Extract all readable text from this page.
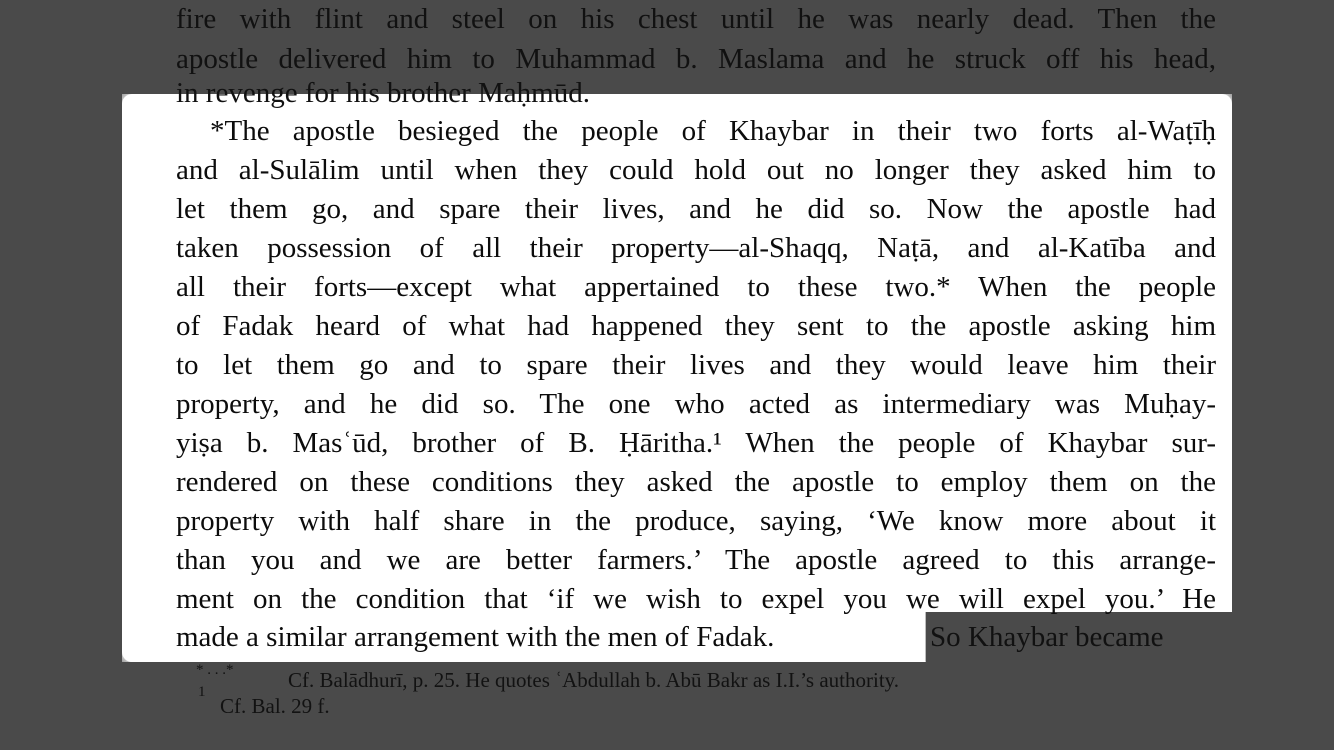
fire with flint and steel on his chest until he was nearly dead. Then the
apostle delivered him to Muhammad b. Maslama and he struck off his head,
in revenge for his brother Maḥmūd.
*The apostle besieged the people of Khaybar in their two forts al-Waṭīḥ
and al-Sulālim until when they could hold out no longer they asked him to
let them go, and spare their lives, and he did so. Now the apostle had
taken possession of all their property—al-Shaqq, Naṭā, and al-Katība and
all their forts—except what appertained to these two.* When the people
of Fadak heard of what had happened they sent to the apostle asking him
to let them go and to spare their lives and they would leave him their
property, and he did so. The one who acted as intermediary was Muḥay-
yiṣa b. Masʿūd, brother of B. Ḥāritha.¹ When the people of Khaybar sur-
rendered on these conditions they asked the apostle to employ them on the
property with half share in the produce, saying, ‘We know more about it
than you and we are better farmers.’ The apostle agreed to this arrange-
ment on the condition that ‘if we wish to expel you we will expel you.’ He
made a similar arrangement with the men of Fadak.	So Khaybar became
* . . .*	Cf. Balādhurī, p. 25. He quotes ʿAbdullah b. Abū Bakr as I.I.’s authority.
1
Cf. Bal. 29 f.
